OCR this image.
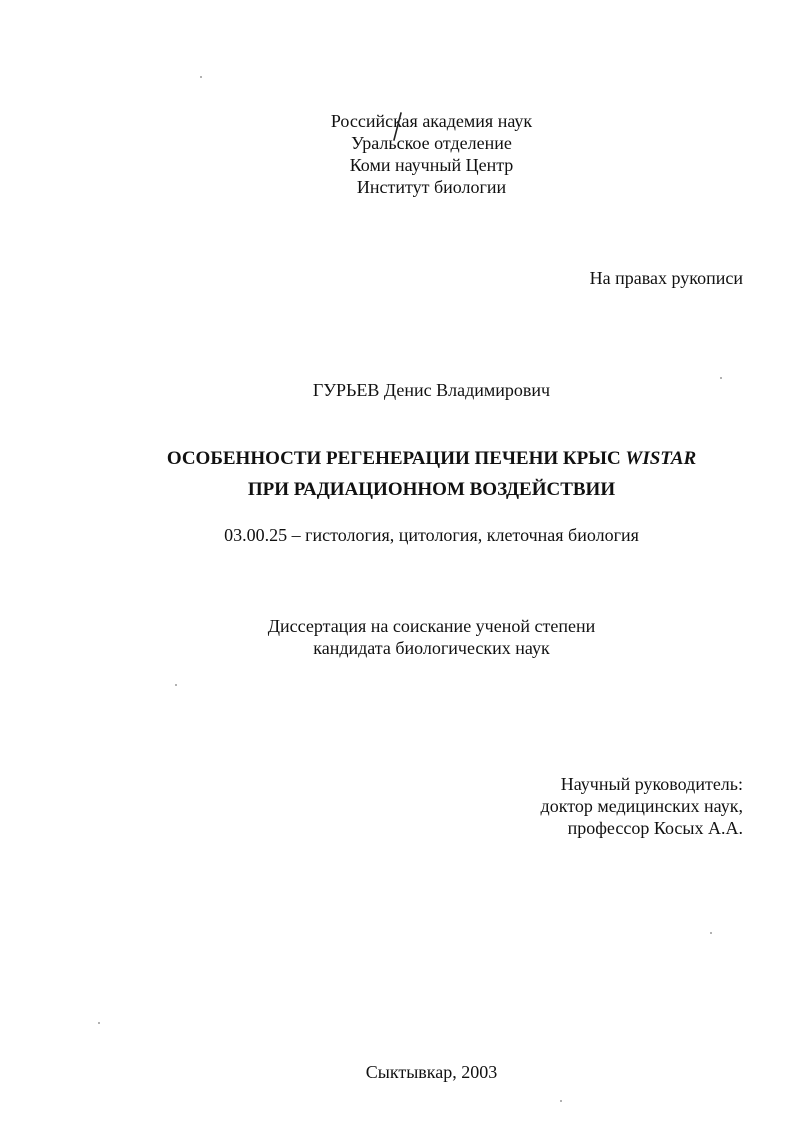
Российская академия наук
Уральское отделение
Коми научный Центр
Институт биологии
На правах рукописи
ГУРЬЕВ Денис Владимирович
ОСОБЕННОСТИ РЕГЕНЕРАЦИИ ПЕЧЕНИ КРЫС WISTAR
ПРИ РАДИАЦИОННОМ ВОЗДЕЙСТВИИ
03.00.25 – гистология, цитология, клеточная биология
Диссертация на соискание ученой степени
кандидата биологических наук
Научный руководитель:
доктор медицинских наук,
профессор Косых А.А.
Сыктывкар, 2003
